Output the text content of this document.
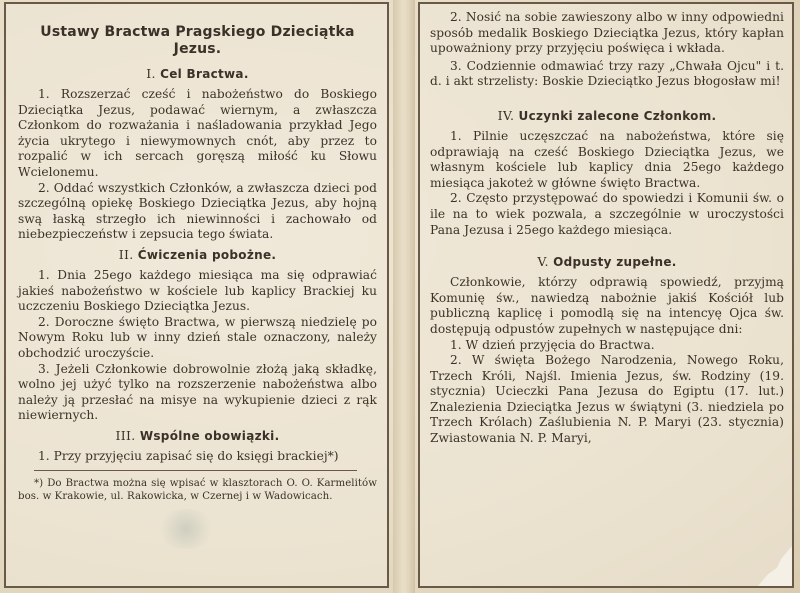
Ustawy Bractwa Pragskiego Dzieciątka Jezus.
I. Cel Bractwa.

1. Rozszerzać cześć i nabożeństwo do Boskiego Dzieciątka Jezus, podawać wiernym, a zwłaszcza Członkom do rozważania i naśladowania przykład Jego życia ukrytego i niewymownych cnót, aby przez to rozpalić w ich sercach goręszą miłość ku Słowu Wcielonemu.

2. Oddać wszystkich Członków, a zwłaszcza dzieci pod szczególną opiekę Boskiego Dzieciątka Jezus, aby hojną swą łaską strzegło ich niewinności i zachowało od niebezpieczeństw i zepsucia tego świata.

II. Ćwiczenia pobożne.

1. Dnia 25ego każdego miesiąca ma się odprawiać jakieś nabożeństwo w kościele lub kaplicy Brackiej ku uczczeniu Boskiego Dzieciątka Jezus.

2. Doroczne święto Bractwa, w pierwszą niedzielę po Nowym Roku lub w inny dzień stale oznaczony, należy obchodzić uroczyście.

3. Jeżeli Członkowie dobrowolnie złożą jaką składkę, wolno jej użyć tylko na rozszerzenie nabożeństwa albo należy ją przesłać na misye na wykupienie dzieci z rąk niewiernych.

III. Wspólne obowiązki.

1. Przy przyjęciu zapisać się do księgi brackiej*)

*) Do Bractwa można się wpisać w klasztorach O. O. Karmelitów bos. w Krakowie, ul. Rakowicka, w Czernej i w Wadowicach.

2. Nosić na sobie zawieszony albo w inny odpowiedni sposób medalik Boskiego Dzieciątka Jezus, który kapłan upoważniony przy przyjęciu poświęca i wkłada.

3. Codziennie odmawiać trzy razy „Chwała Ojcu" i t. d. i akt strzelisty: Boskie Dzieciątko Jezus błogosław mi!

IV. Uczynki zalecone Członkom.

1. Pilnie uczęszczać na nabożeństwa, które się odprawiają na cześć Boskiego Dzieciątka Jezus, we własnym kościele lub kaplicy dnia 25ego każdego miesiąca jakoteż w główne święto Bractwa.

2. Często przystępować do spowiedzi i Komunii św. o ile na to wiek pozwala, a szczególnie w uroczystości Pana Jezusa i 25ego każdego miesiąca.

V. Odpusty zupełne.

Członkowie, którzy odprawią spowiedź, przyjmą Komunię św., nawiedzą nabożnie jakiś Kościół lub publiczną kaplicę i pomodlą się na intencyę Ojca św. dostępują odpustów zupełnych w następujące dni:

1. W dzień przyjęcia do Bractwa.

2. W święta Bożego Narodzenia, Nowego Roku, Trzech Króli, Najśl. Imienia Jezus, św. Rodziny (19. stycznia) Ucieczki Pana Jezusa do Egiptu (17. lut.) Znalezienia Dzieciątka Jezus w świątyni (3. niedziela po Trzech Królach) Zaślubienia N. P. Maryi (23. stycznia) Zwiastowania N. P. Maryi,
